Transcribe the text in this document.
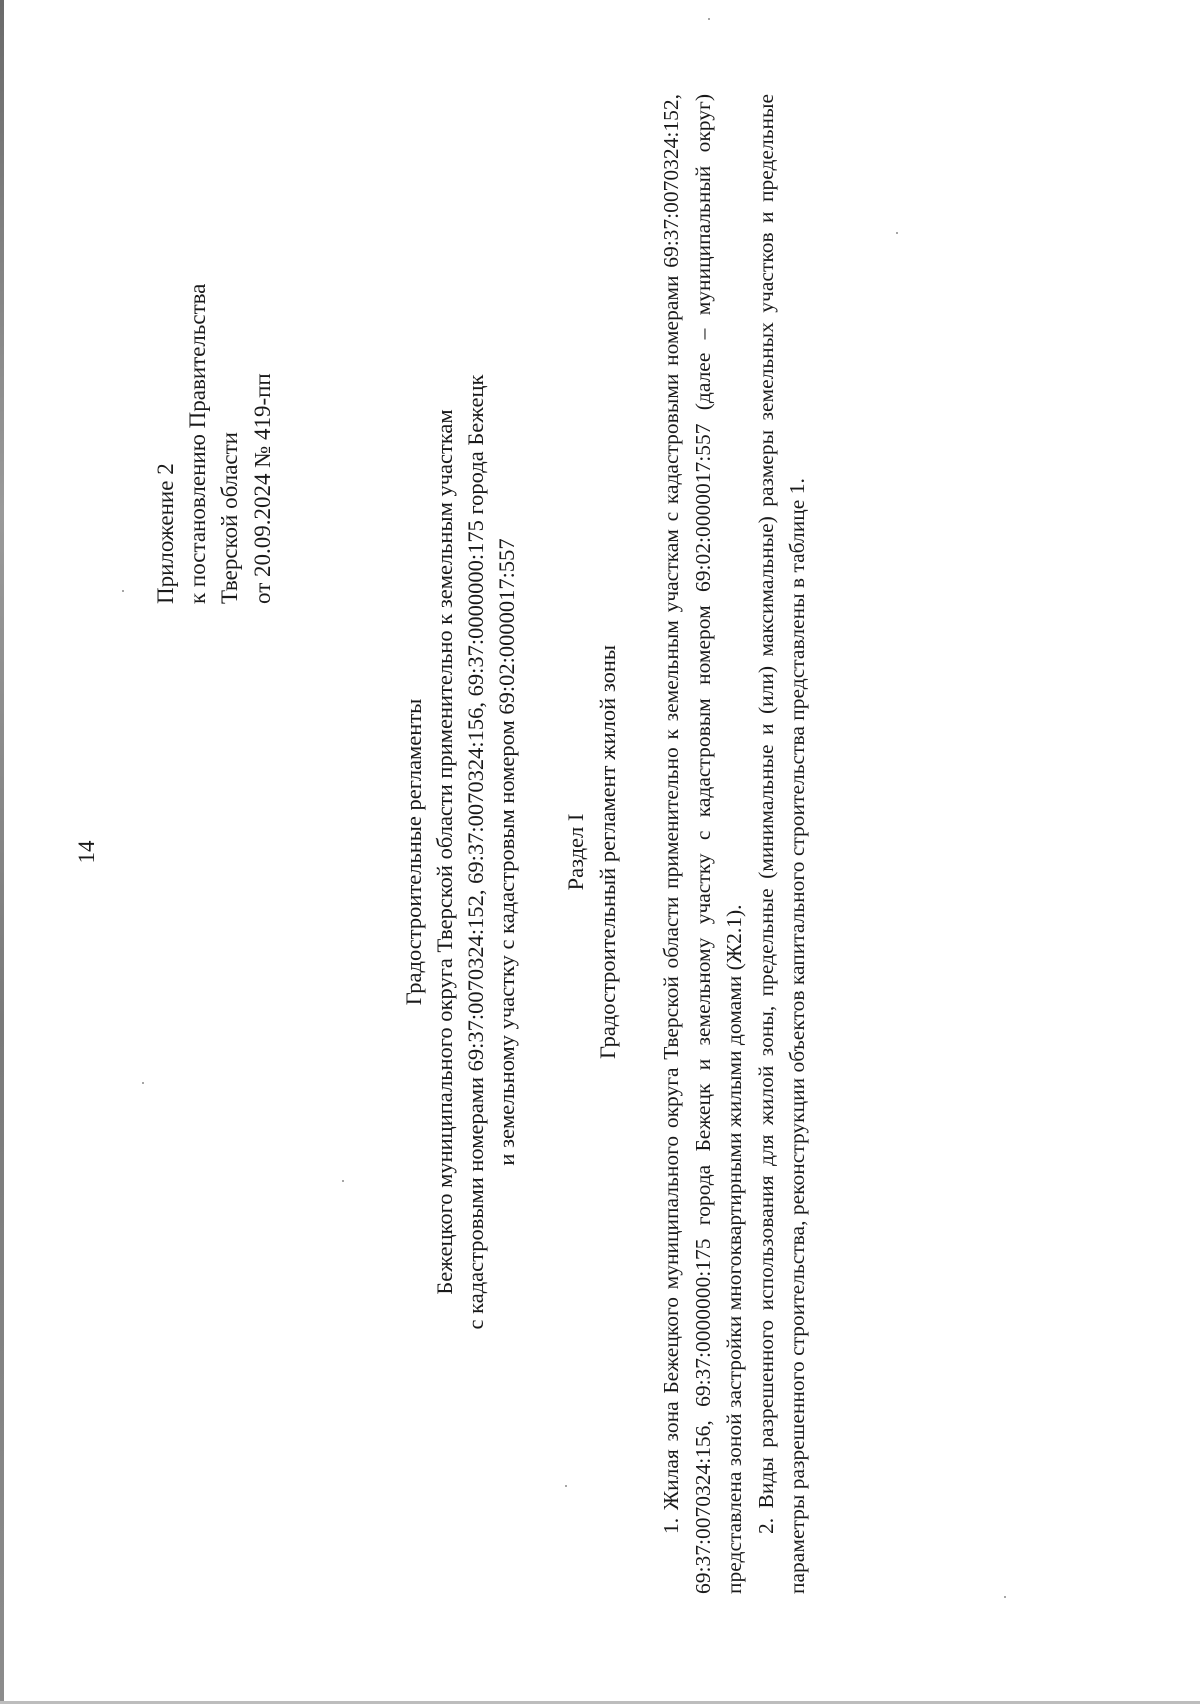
14
Приложение 2 к постановлению Правительства Тверской области от 20.09.2024 № 419-пп
Градостроительные регламенты Бежецкого муниципального округа Тверской области применительно к земельным участкам с кадастровыми номерами 69:37:0070324:152, 69:37:0070324:156, 69:37:0000000:175 города Бежецк и земельному участку с кадастровым номером 69:02:0000017:557 Раздел I Градостроительный регламент жилой зоны 1. Жилая зона Бежецкого муниципального округа Тверской области применительно к земельным участкам с кадастровыми номерами 69:37:0070324:152, 69:37:0070324:156, 69:37:0000000:175 города Бежецк и земельному участку с кадастровым номером 69:02:0000017:557 (далее – муниципальный округ) представлена зоной застройки многоквартирными жилыми домами (Ж2.1). 2. Виды разрешенного использования для жилой зоны, предельные (минимальные и (или) максимальные) размеры земельных участков и предельные параметры разрешенного строительства, реконструкции объектов капитального строительства представлены в таблице 1.
